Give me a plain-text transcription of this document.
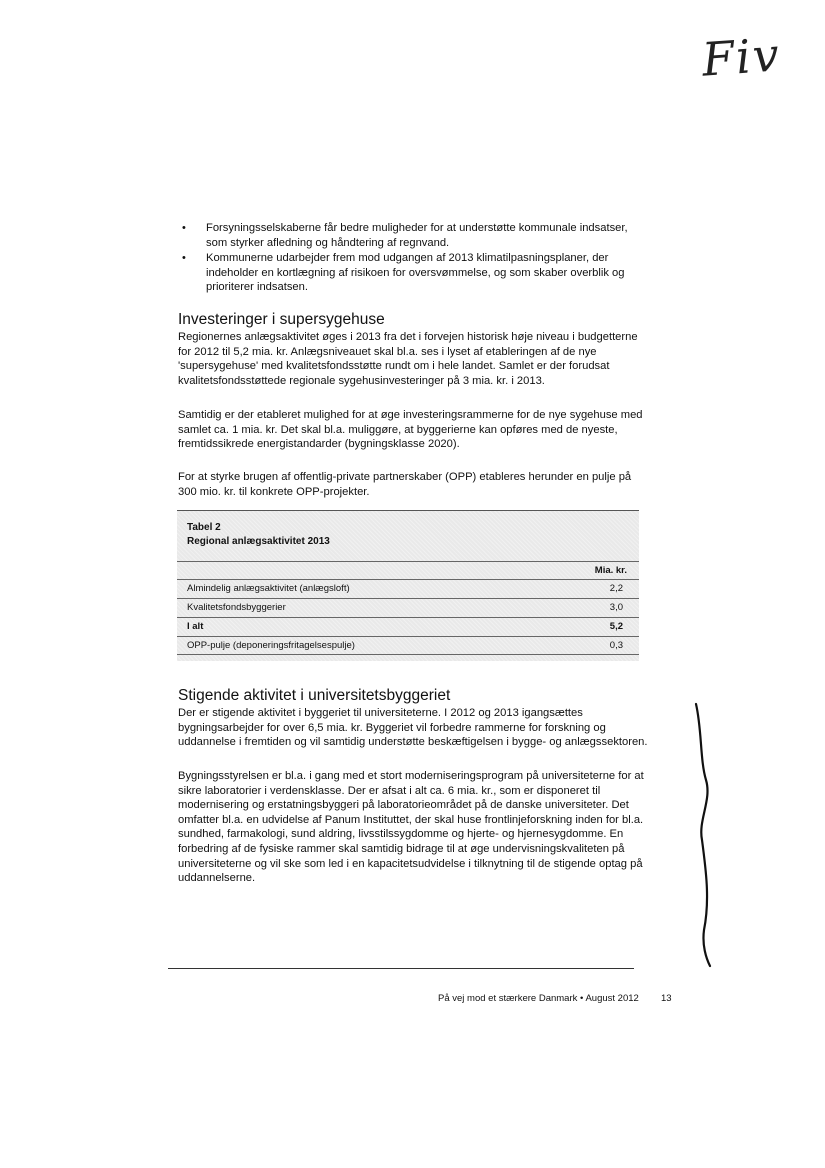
Fiv
• Forsyningsselskaberne får bedre muligheder for at understøtte kommunale indsatser, som styrker afledning og håndtering af regnvand.
• Kommunerne udarbejder frem mod udgangen af 2013 klimatilpasningsplaner, der indeholder en kortlægning af risikoen for oversvømmelse, og som skaber overblik og prioriterer indsatsen.
Investeringer i supersygehuse

Regionernes anlægsaktivitet øges i 2013 fra det i forvejen historisk høje niveau i budgetterne for 2012 til 5,2 mia. kr. Anlægsniveauet skal bl.a. ses i lyset af etableringen af de nye 'supersygehuse' med kvalitetsfondsstøtte rundt om i hele landet. Samlet er der forudsat kvalitetsfondsstøttede regionale sygehusinvesteringer på 3 mia. kr. i 2013.

Samtidig er der etableret mulighed for at øge investeringsrammerne for de nye sygehuse med samlet ca. 1 mia. kr. Det skal bl.a. muliggøre, at byggerierne kan opføres med de nyeste, fremtidssikrede energistandarder (bygningsklasse 2020).

For at styrke brugen af offentlig-private partnerskaber (OPP) etableres herunder en pulje på 300 mio. kr. til konkrete OPP-projekter.

Tabel 2
Regional anlægsaktivitet 2013
Mia. kr.
Almindelig anlægsaktivitet (anlægsloft)	2,2
Kvalitetsfondsbyggerier	3,0
I alt	5,2
OPP-pulje (deponeringsfritagelsespulje)	0,3
Stigende aktivitet i universitetsbyggeriet

Der er stigende aktivitet i byggeriet til universiteterne. I 2012 og 2013 igangsættes bygningsarbejder for over 6,5 mia. kr. Byggeriet vil forbedre rammerne for forskning og uddannelse i fremtiden og vil samtidig understøtte beskæftigelsen i bygge- og anlægssektoren.

Bygningsstyrelsen er bl.a. i gang med et stort moderniseringsprogram på universiteterne for at sikre laboratorier i verdensklasse. Der er afsat i alt ca. 6 mia. kr., som er disponeret til modernisering og erstatningsbyggeri på laboratorieområdet på de danske universiteter. Det omfatter bl.a. en udvidelse af Panum Instituttet, der skal huse frontlinjeforskning inden for bl.a. sundhed, farmakologi, sund aldring, livsstilssygdomme og hjerte- og hjernesygdomme. En forbedring af de fysiske rammer skal samtidig bidrage til at øge undervisningskvaliteten på universiteterne og vil ske som led i en kapacitetsudvidelse i tilknytning til de stigende optag på uddannelserne.

På vej mod et stærkere Danmark • August 2012 13
